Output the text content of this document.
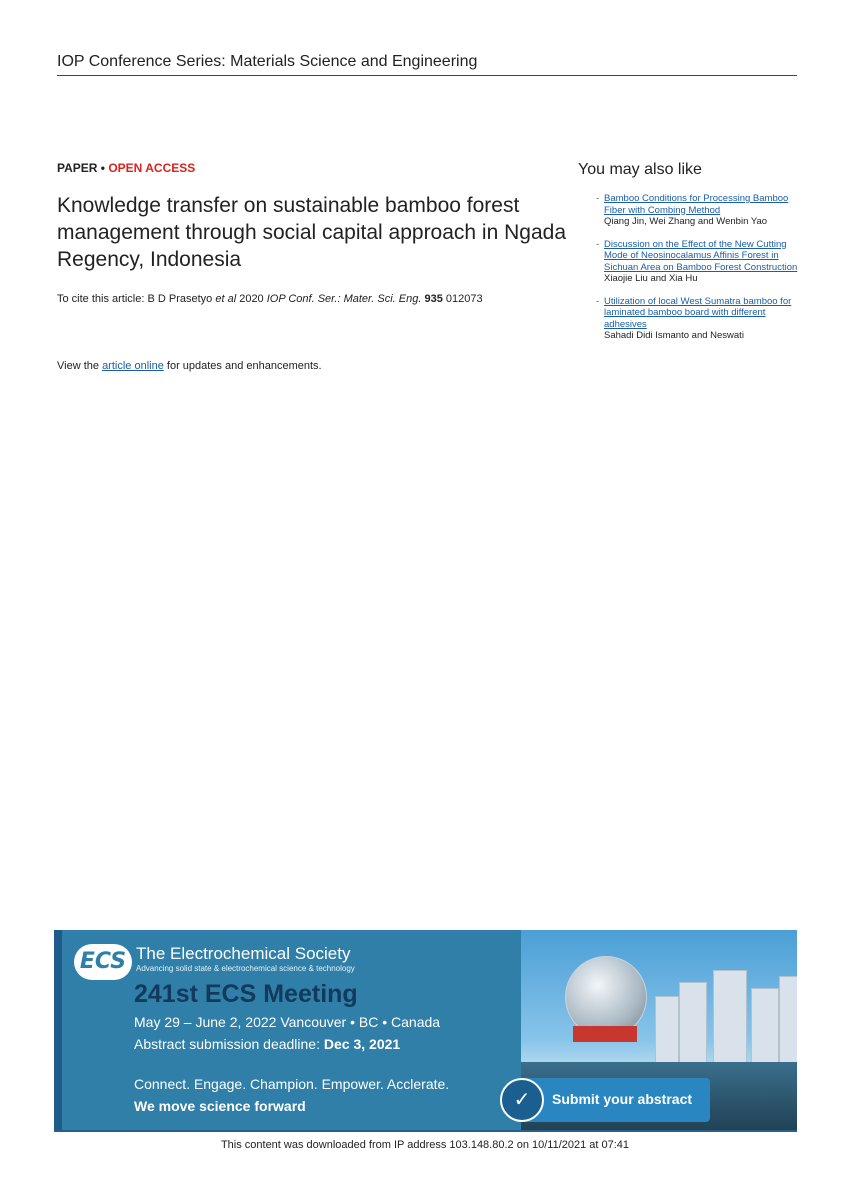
IOP Conference Series: Materials Science and Engineering
PAPER • OPEN ACCESS
Knowledge transfer on sustainable bamboo forest management through social capital approach in Ngada Regency, Indonesia
To cite this article: B D Prasetyo et al 2020 IOP Conf. Ser.: Mater. Sci. Eng. 935 012073
View the article online for updates and enhancements.
You may also like
- Bamboo Conditions for Processing Bamboo Fiber with Combing Method
Qiang Jin, Wei Zhang and Wenbin Yao
- Discussion on the Effect of the New Cutting Mode of Neosinocalamus Affinis Forest in Sichuan Area on Bamboo Forest Construction
Xiaojie Liu and Xia Hu
- Utilization of local West Sumatra bamboo for laminated bamboo board with different adhesives
Sahadi Didi Ismanto and Neswati
ECS The Electrochemical Society
Advancing solid state & electrochemical science & technology
241st ECS Meeting
May 29 – June 2, 2022 Vancouver • BC • Canada
Abstract submission deadline: Dec 3, 2021
Connect. Engage. Champion. Empower. Acclerate.
We move science forward	✓	Submit your abstract
This content was downloaded from IP address 103.148.80.2 on 10/11/2021 at 07:41
